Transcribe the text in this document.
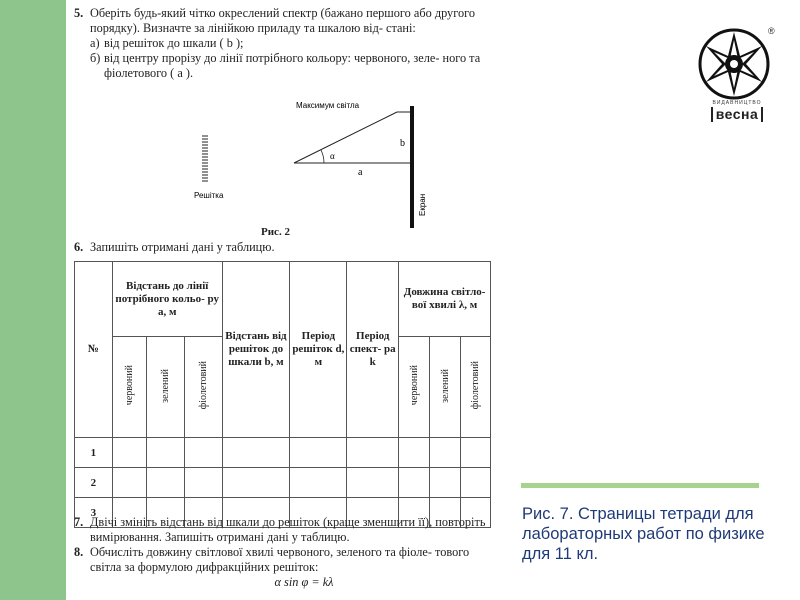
5. Оберіть будь-який чітко окреслений спектр (бажано першого або другого порядку). Визначте за лінійкою приладу та шкалою від- стані:
а) від решіток до шкали ( b );
б) від центру прорізу до лінії потрібного кольору: червоного, зеле- ного та фіолетового ( a ).
Максимум світла
α
b
a
Решітка	Екран
Рис. 2
6. Запишіть отримані дані у таблицю.
№	Відстань до лінії потрібного кольо- ру a, м			Відстань від решіток до шкали b, м	Період решіток d, м	Період спект- ра k	Довжина світло- вої хвилі λ, м		
	червоний	зелений	фіолетовий				червоний	зелений	фіолетовий
1									
2									
3									
7. Двічі змініть відстань від шкали до решіток (краще зменшити її), повторіть вимірювання. Запишіть отримані дані у таблицю.
8. Обчисліть довжину світлової хвилі червоного, зеленого та фіоле- тового світла за формулою дифракційних решіток:
α sin φ = kλ
®
ВИДАВНИЦТВО
весна
Рис. 7. Страницы тетради для лабораторных работ по физике для 11 кл.
